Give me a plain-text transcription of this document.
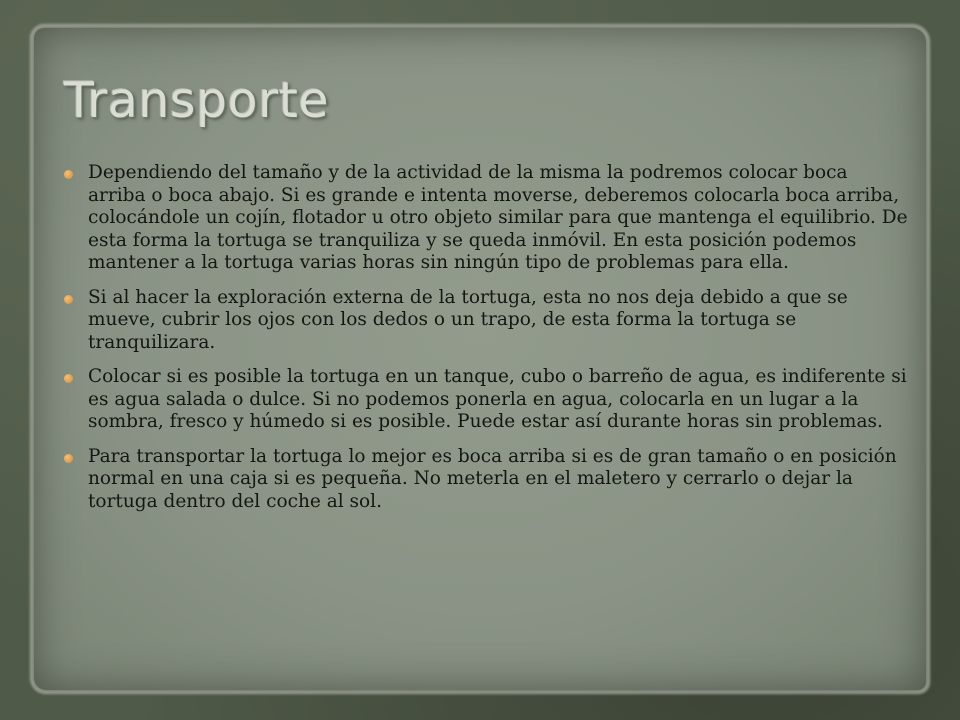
Transporte
Dependiendo del tamaño y de la actividad de la misma la podremos colocar boca arriba o boca abajo. Si es grande e intenta moverse, deberemos colocarla boca arriba, colocándole un cojín, flotador u otro objeto similar para que mantenga el equilibrio. De esta forma la tortuga se tranquiliza y se queda inmóvil. En esta posición podemos mantener a la tortuga varias horas sin ningún tipo de problemas para ella.
Si al hacer la exploración externa de la tortuga, esta no nos deja debido a que se mueve, cubrir los ojos con los dedos o un trapo, de esta forma la tortuga se tranquilizara.
Colocar si es posible la tortuga en un tanque, cubo o barreño de agua, es indiferente si es agua salada o dulce. Si no podemos ponerla en agua, colocarla en un lugar a la sombra, fresco y húmedo si es posible. Puede estar así durante horas sin problemas.
Para transportar la tortuga lo mejor es boca arriba si es de gran tamaño o en posición normal en una caja si es pequeña. No meterla en el maletero y cerrarlo o dejar la tortuga dentro del coche al sol.
